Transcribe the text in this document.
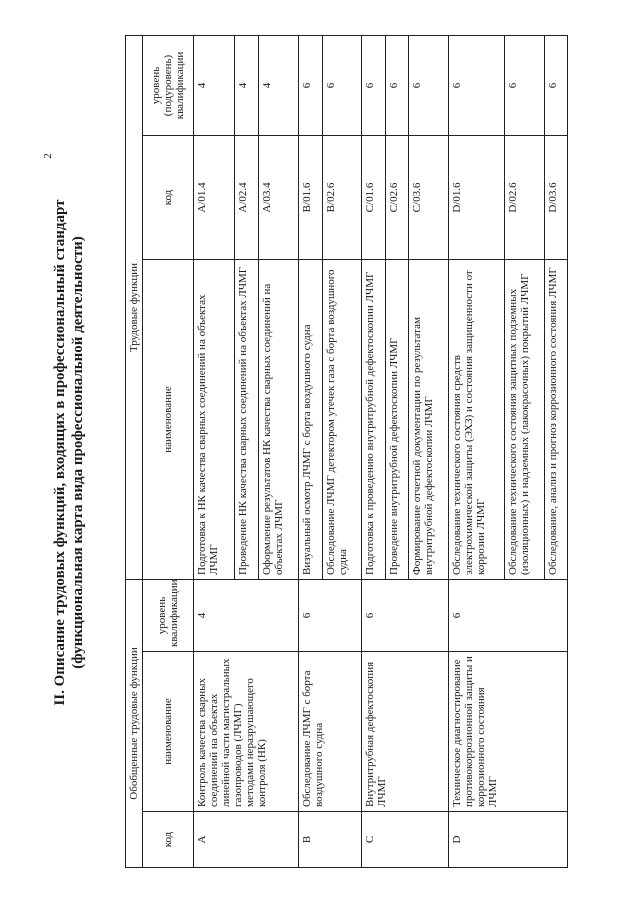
2
II. Описание трудовых функций, входящих в профессиональный стандарт (функциональная карта вида профессиональной деятельности)
Обобщенные трудовые функции			Трудовые функции		
код	наименование	уровень квалификации	наименование	код	уровень (подуровень) квалификации
A	Контроль качества сварных соединений на объектах линейной части магистральных газопроводов (ЛЧМГ) методами неразрушающего контроля (НК)	4	Подготовка к НК качества сварных соединений на объектах ЛЧМГ	A/01.4	4
			Проведение НК качества сварных соединений на объектах ЛЧМГ	A/02.4	4
			Оформление результатов НК качества сварных соединений на объектах ЛЧМГ	A/03.4	4
B	Обследование ЛЧМГ с борта воздушного судна	6	Визуальный осмотр ЛЧМГ с борта воздушного судна	B/01.6	6
			Обследование ЛЧМГ детектором утечек газа с борта воздушного судна	B/02.6	6
C	Внутритрубная дефектоскопия ЛЧМГ	6	Подготовка к проведению внутритрубной дефектоскопии ЛЧМГ	C/01.6	6
			Проведение внутритрубной дефектоскопии ЛЧМГ	C/02.6	6
			Формирование отчетной документации по результатам внутритрубной дефектоскопии ЛЧМГ	C/03.6	6
D	Техническое диагностирование противокоррозионной защиты и коррозионного состояния ЛЧМГ	6	Обследование технического состояния средств электрохимической защиты (ЭХЗ) и состояния защищенности от коррозии ЛЧМГ	D/01.6	6
			Обследование технического состояния защитных подземных (изоляционных) и надземных (лакокрасочных) покрытий ЛЧМГ	D/02.6	6
			Обследование, анализ и прогноз коррозионного состояния ЛЧМГ	D/03.6	6
